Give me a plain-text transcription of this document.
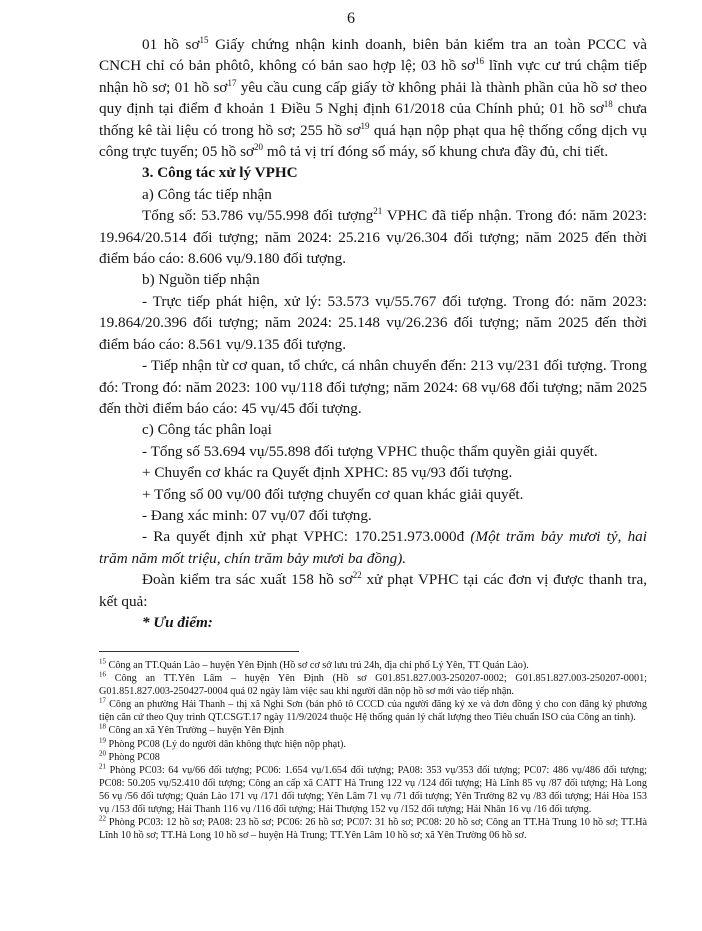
6

01 hồ $sơ^{15}$ Giấy chứng nhận kinh doanh, biên bản kiểm tra an toàn PCCC và CNCH chỉ có bản phôtô, không có bản sao hợp lệ; 03 hồ $sơ^{16}$ lĩnh vực cư trú chậm tiếp nhận hồ sơ; 01 hồ $sơ^{17}$ yêu cầu cung cấp giấy tờ không phải là thành phần của hồ sơ theo quy định tại điểm đ khoản 1 Điều 5 Nghị định 61/2018 của Chính phủ; 01 hồ $sơ^{18}$ chưa thống kê tài liệu có trong hồ sơ; 255 hồ $sơ^{19}$ quá hạn nộp phạt qua hệ thống cổng dịch vụ công trực tuyến; 05 hồ $sơ^{20}$ mô tả vị trí đóng số máy, số khung chưa đầy đủ, chi tiết.

3. Công tác xử lý VPHC

a) Công tác tiếp nhận

Tổng số: 53.786 vụ/55.998 đối tượng$^{21}$ VPHC đã tiếp nhận. Trong đó: năm 2023: 19.964/20.514 đối tượng; năm 2024: 25.216 vụ/26.304 đối tượng; năm 2025 đến thời điểm báo cáo: 8.606 vụ/9.180 đối tượng.

b) Nguồn tiếp nhận

- Trực tiếp phát hiện, xử lý: 53.573 vụ/55.767 đối tượng. Trong đó: năm 2023: 19.864/20.396 đối tượng; năm 2024: 25.148 vụ/26.236 đối tượng; năm 2025 đến thời điểm báo cáo: 8.561 vụ/9.135 đối tượng.

- Tiếp nhận từ cơ quan, tổ chức, cá nhân chuyển đến: 213 vụ/231 đối tượng. Trong đó: Trong đó: năm 2023: 100 vụ/118 đối tượng; năm 2024: 68 vụ/68 đối tượng; năm 2025 đến thời điểm báo cáo: 45 vụ/45 đối tượng.

c) Công tác phân loại

- Tổng số 53.694 vụ/55.898 đối tượng VPHC thuộc thẩm quyền giải quyết.

+ Chuyển cơ khác ra Quyết định XPHC: 85 vụ/93 đối tượng.

+ Tổng số 00 vụ/00 đối tượng chuyển cơ quan khác giải quyết.

- Đang xác minh: 07 vụ/07 đối tượng.

- Ra quyết định xử phạt VPHC: 170.251.973.000đ (Một trăm bảy mươi tỷ, hai trăm năm mốt triệu, chín trăm bảy mươi ba đồng).

Đoàn kiểm tra sác xuất 158 hồ $sơ^{22}$ xử phạt VPHC tại các đơn vị được thanh tra, kết quả:

* Ưu điểm:

$^{15}$ Công an TT.Quán Lào – huyện Yên Định (Hồ sơ cơ sở lưu trú 24h, địa chỉ phố Lý Yên, TT Quán Lào).

$^{16}$ Công an TT.Yên Lâm – huyện Yên Định (Hồ sơ G01.851.827.003-250207-0002; G01.851.827.003-250207-0001; G01.851.827.003-250427-0004 quá 02 ngày làm việc sau khi người dân nộp hồ sơ mới vào tiếp nhận.

$^{17}$ Công an phường Hải Thanh – thị xã Nghi Sơn (bản phô tô CCCD của người đăng ký xe và đơn đồng ý cho con đăng ký phương tiện căn cứ theo Quy trình QT.CSGT.17 ngày 11/9/2024 thuộc Hệ thống quản lý chất lượng theo Tiêu chuẩn ISO của Công an tỉnh).

$^{18}$ Công an xã Yên Trường – huyện Yên Định

$^{19}$ Phòng PC08 (Lý do người dân không thực hiện nộp phạt).

$^{20}$ Phòng PC08

$^{21}$ Phòng PC03: 64 vụ/66 đối tượng; PC06: 1.654 vụ/1.654 đối tượng; PA08: 353 vụ/353 đối tượng; PC07: 486 vụ/486 đối tượng; PC08: 50.205 vụ/52.410 đối tượng; Công an cấp xã CATT Hà Trung 122 vụ /124 đối tượng; Hà Lĩnh 85 vụ /87 đối tượng; Hà Long 56 vụ /56 đối tượng; Quán Lào 171 vụ /171 đối tượng; Yên Lâm 71 vụ /71 đối tượng; Yên Trường 82 vụ /83 đối tượng; Hải Hòa 153 vụ /153 đối tượng; Hải Thanh 116 vụ /116 đối tượng; Hải Thượng 152 vụ /152 đối tượng; Hải Nhân 16 vụ /16 đối tượng.

$^{22}$ Phòng PC03: 12 hồ sơ; PA08: 23 hồ sơ; PC06: 26 hồ sơ; PC07: 31 hồ sơ; PC08: 20 hồ sơ; Công an TT.Hà Trung 10 hồ sơ; TT.Hà Lĩnh 10 hồ sơ; TT.Hà Long 10 hồ sơ – huyện Hà Trung; TT.Yên Lâm 10 hồ sơ; xã Yên Trường 06 hồ sơ.
